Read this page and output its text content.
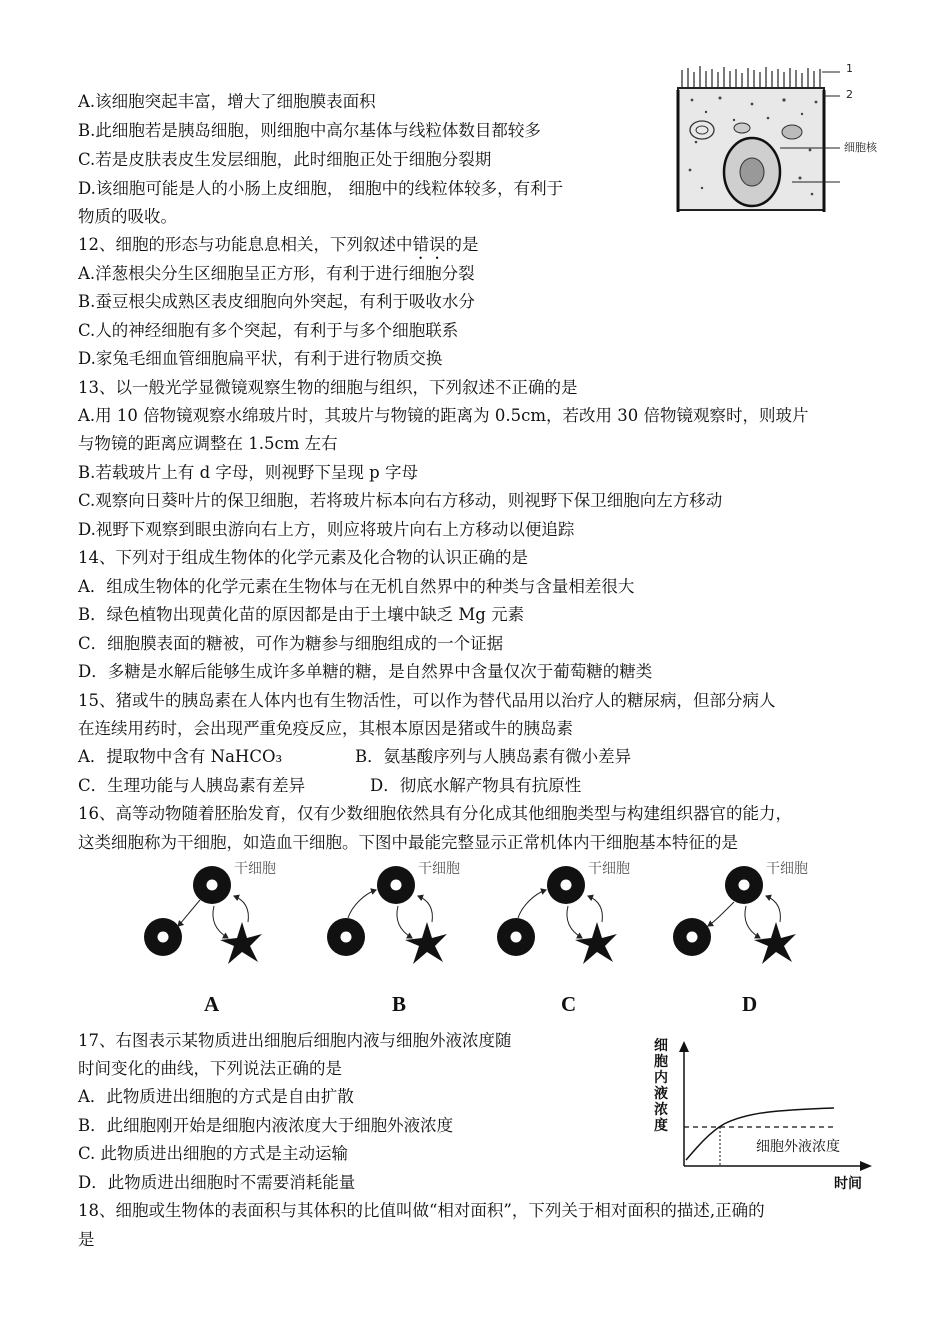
A.该细胞突起丰富，增大了细胞膜表面积
B.此细胞若是胰岛细胞，则细胞中高尔基体与线粒体数目都较多
C.若是皮肤表皮生发层细胞，此时细胞正处于细胞分裂期
D.该细胞可能是人的小肠上皮细胞， 细胞中的线粒体较多，有利于
物质的吸收。
1
2
细胞核
12、细胞的形态与功能息息相关，下列叙述中错误的是
A.洋葱根尖分生区细胞呈正方形，有利于进行细胞分裂
B.蚕豆根尖成熟区表皮细胞向外突起，有利于吸收水分
C.人的神经细胞有多个突起，有利于与多个细胞联系
D.家兔毛细血管细胞扁平状，有利于进行物质交换
13、以一般光学显微镜观察生物的细胞与组织，下列叙述不正确的是
A.用 10 倍物镜观察水绵玻片时，其玻片与物镜的距离为 0.5cm，若改用 30 倍物镜观察时，则玻片
与物镜的距离应调整在 1.5cm 左右
B.若载玻片上有 d 字母，则视野下呈现 p 字母
C.观察向日葵叶片的保卫细胞，若将玻片标本向右方移动，则视野下保卫细胞向左方移动
D.视野下观察到眼虫游向右上方，则应将玻片向右上方移动以便追踪
14、下列对于组成生物体的化学元素及化合物的认识正确的是
A．组成生物体的化学元素在生物体与在无机自然界中的种类与含量相差很大
B．绿色植物出现黄化苗的原因都是由于土壤中缺乏 Mg 元素
C．细胞膜表面的糖被，可作为糖参与细胞组成的一个证据
D．多糖是水解后能够生成许多单糖的糖，是自然界中含量仅次于葡萄糖的糖类
15、猪或牛的胰岛素在人体内也有生物活性，可以作为替代品用以治疗人的糖尿病，但部分病人
在连续用药时，会出现严重免疫反应，其根本原因是猪或牛的胰岛素
A．提取物中含有 NaHCO₃	B．氨基酸序列与人胰岛素有微小差异
C．生理功能与人胰岛素有差异	D．彻底水解产物具有抗原性
16、高等动物随着胚胎发育，仅有少数细胞依然具有分化成其他细胞类型与构建组织器官的能力，
这类细胞称为干细胞，如造血干细胞。下图中最能完整显示正常机体内干细胞基本特征的是
干细胞	干细胞	干细胞	干细胞
A	B	C	D
17、右图表示某物质进出细胞后细胞内液与细胞外液浓度随
时间变化的曲线，下列说法正确的是
A．此物质进出细胞的方式是自由扩散
B．此细胞刚开始是细胞内液浓度大于细胞外液浓度
C. 此物质进出细胞的方式是主动运输
D．此物质进出细胞时不需要消耗能量
细胞内液浓度
细胞外液浓度
时间
18、细胞或生物体的表面积与其体积的比值叫做“相对面积”，下列关于相对面积的描述,正确的
是
